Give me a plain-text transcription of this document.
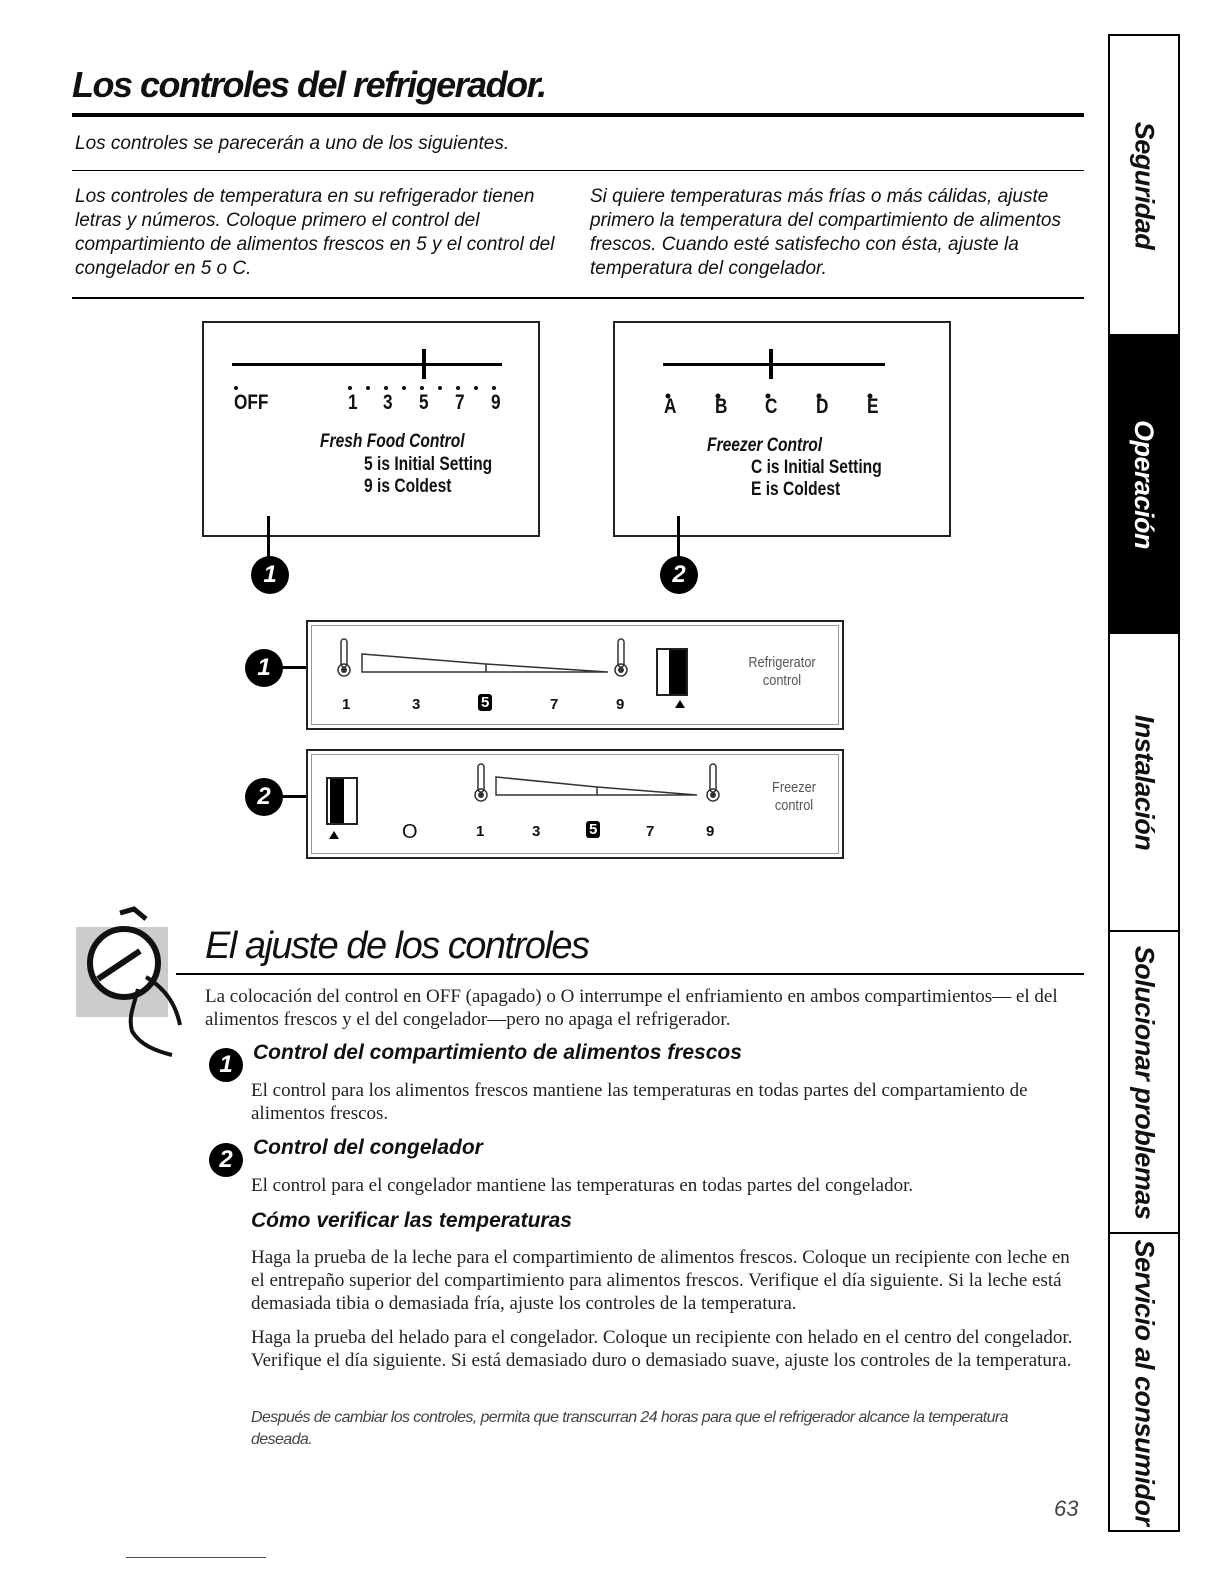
Los controles del refrigerador.
Los controles se parecerán a uno de los siguientes.
Los controles de temperatura en su refrigerador tienen letras y números. Coloque primero el control del compartimiento de alimentos frescos en 5 y el control del congelador en 5 o C.
Si quiere temperaturas más frías o más cálidas, ajuste primero la temperatura del compartimiento de alimentos frescos. Cuando esté satisfecho con ésta, ajuste la temperatura del congelador.
Seguridad
Operación
Instalación
Solucionar problemas
Servicio al consumidor
OFF	1 3 5 7 9
Fresh Food Control
5 is Initial Setting
9 is Coldest
1
A B C D E
Freezer Control
C is Initial Setting
E is Coldest
2
1
1	3	5	7	9
Refrigerator control
2
O	1	3	5	7	9
Freezer control
El ajuste de los controles
La colocación del control en OFF (apagado) o O interrumpe el enfriamiento en ambos compartimientos— el del alimentos frescos y el del congelador—pero no apaga el refrigerador.
1 Control del compartimiento de alimentos frescos
El control para los alimentos frescos mantiene las temperaturas en todas partes del compartamiento de alimentos frescos.
2 Control del congelador
El control para el congelador mantiene las temperaturas en todas partes del congelador.
Cómo verificar las temperaturas
Haga la prueba de la leche para el compartimiento de alimentos frescos. Coloque un recipiente con leche en el entrepaño superior del compartimiento para alimentos frescos. Verifique el día siguiente. Si la leche está demasiada tibia o demasiada fría, ajuste los controles de la temperatura.
Haga la prueba del helado para el congelador. Coloque un recipiente con helado en el centro del congelador. Verifique el día siguiente. Si está demasiado duro o demasiado suave, ajuste los controles de la temperatura.
Después de cambiar los controles, permita que transcurran 24 horas para que el refrigerador alcance la temperatura deseada.
63
